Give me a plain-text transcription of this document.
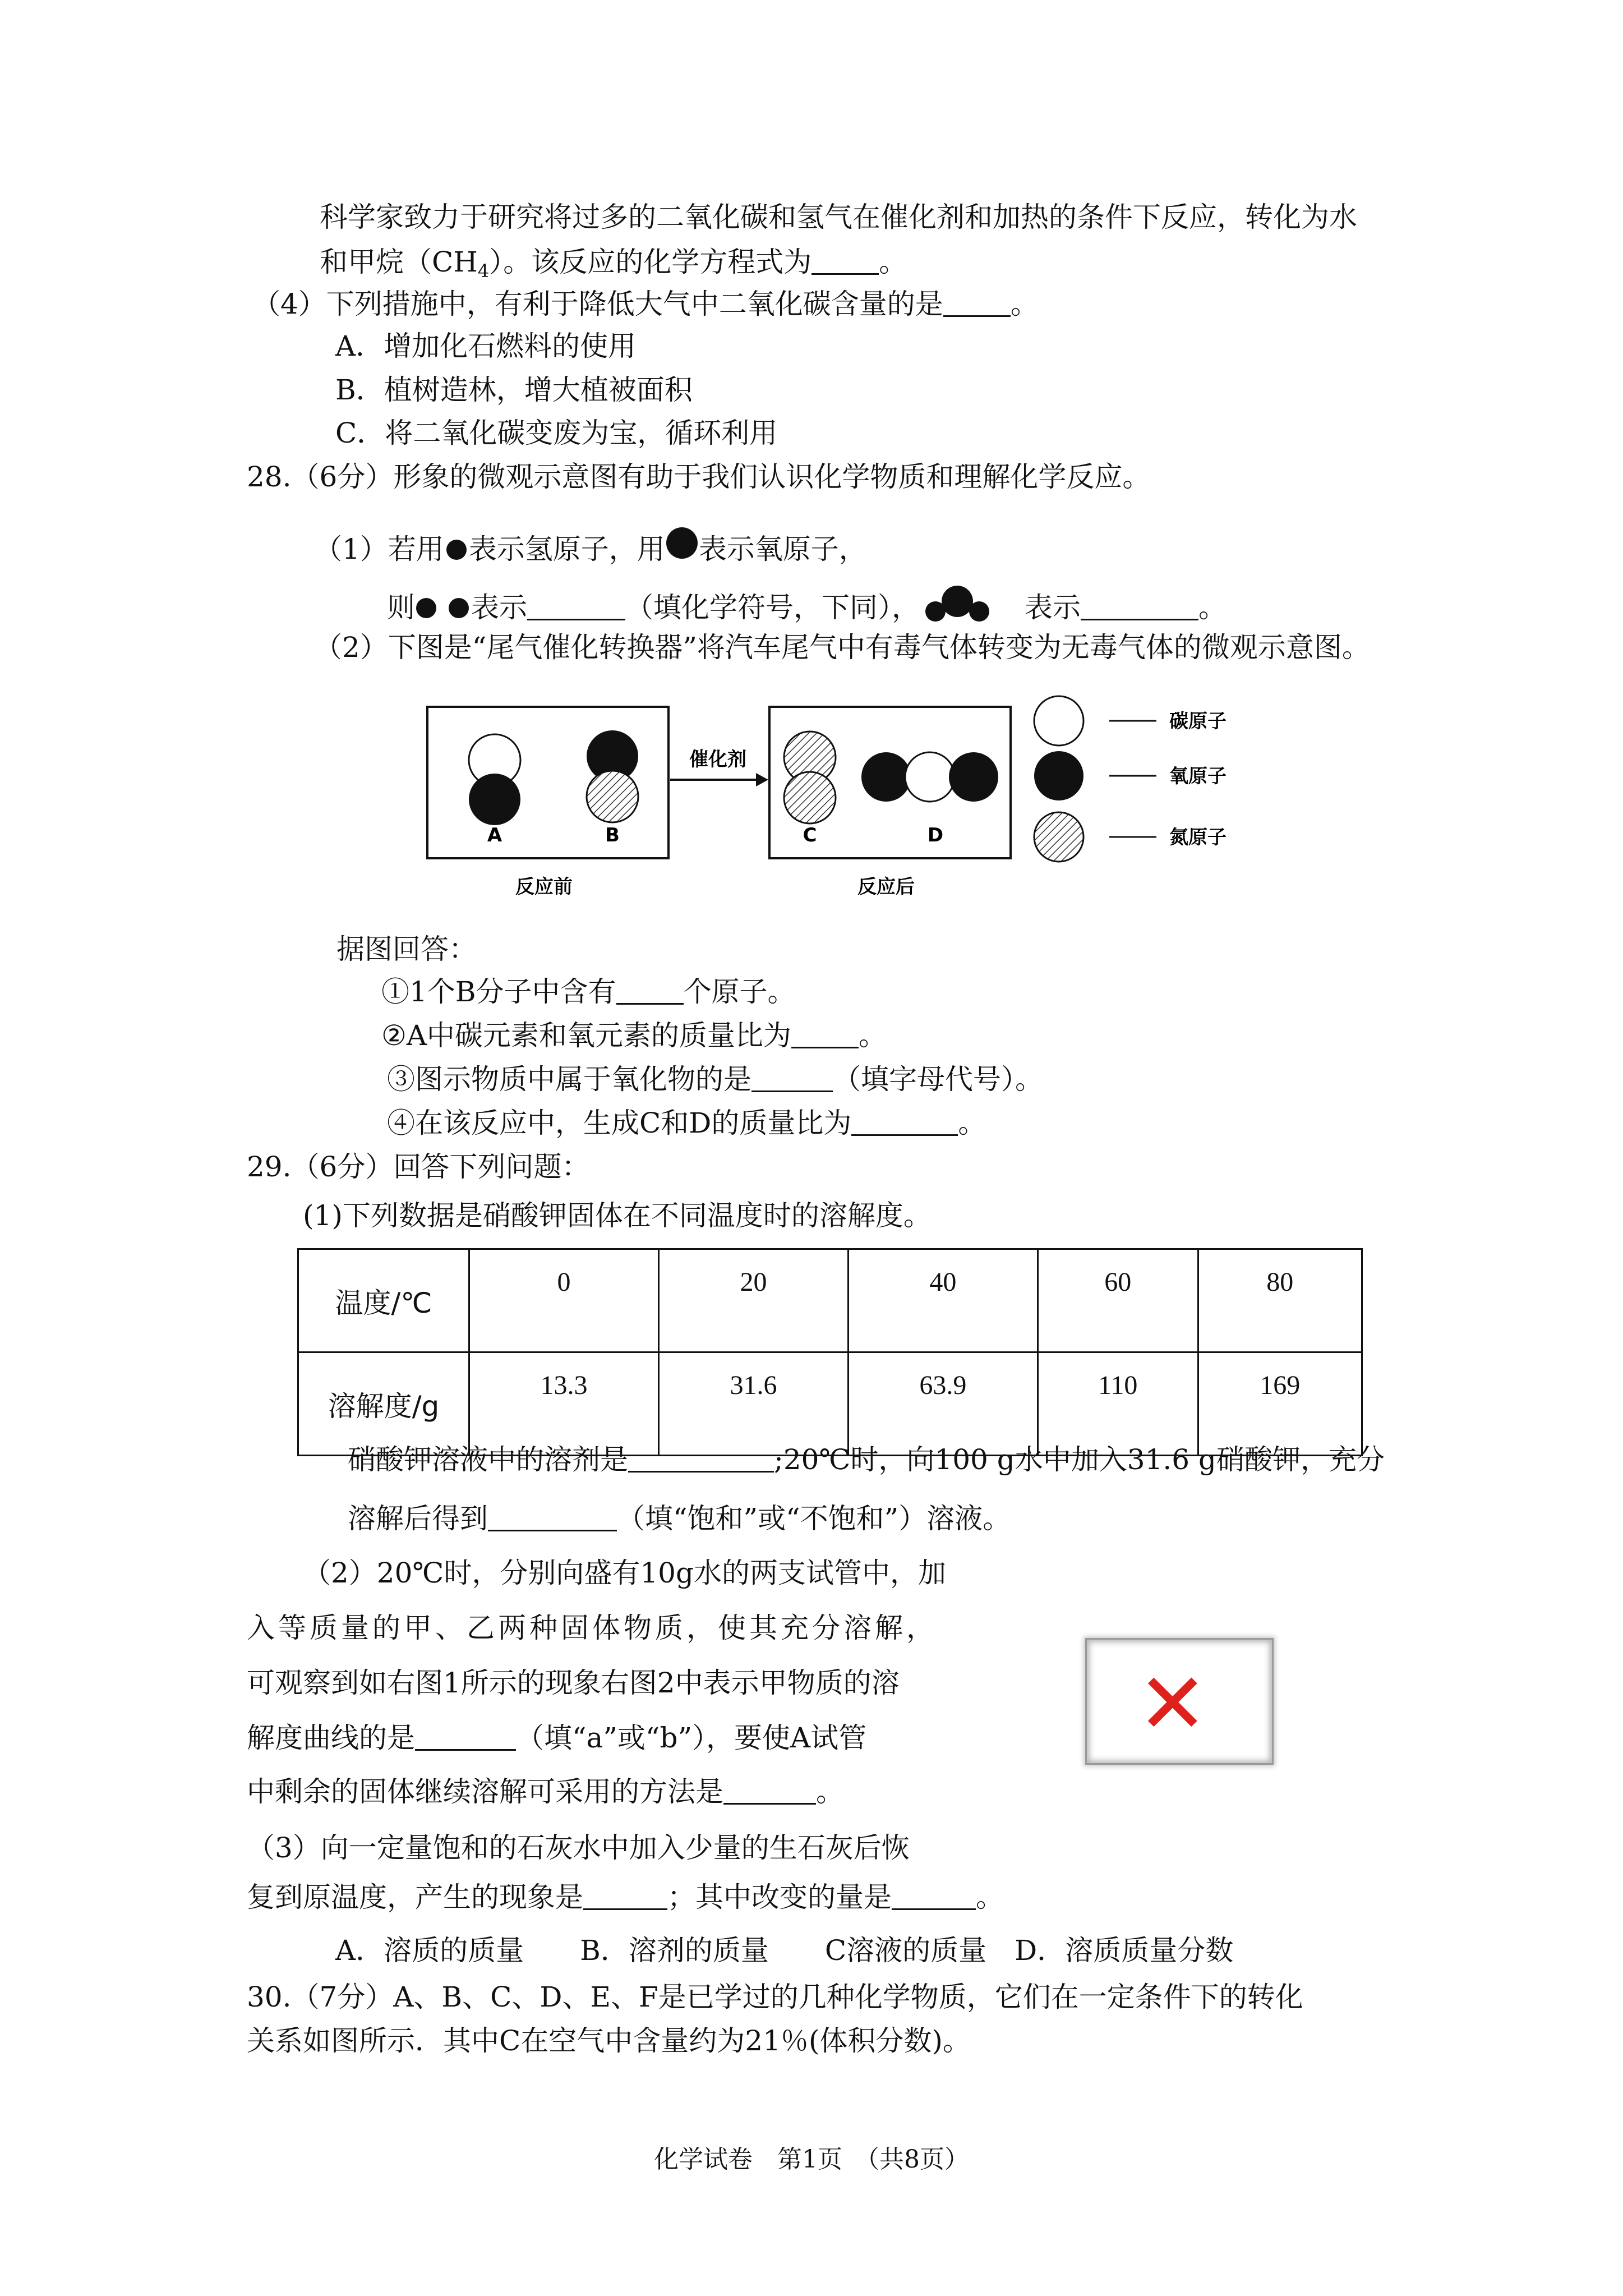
科学家致力于研究将过多的二氧化碳和氢气在催化剂和加热的条件下反应，转化为水
和甲烷$(CH_4)$。该反应的化学方程式为 。
（4）下列措施中，有利于降低大气中二氧化碳含量的是 。
A．增加化石燃料的使用
B．植树造林，增大植被面积
C．将二氧化碳变废为宝，循环利用
28.（6分）形象的微观示意图有助于我们认识化学物质和理解化学反应。
（1）若用 表示氢原子，用 表示氧原子，
则 表示	（填化学符号，下同），	表示	。
（2）下图是“尾气催化转换器”将汽车尾气中有毒气体转变为无毒气体的微观示意图。
A	B
催化剂
C	D
反应前	反应后
碳原子
氧原子
氮原子
据图回答：
①1个B分子中含有 个原子。
②A中碳元素和氧元素的质量比为 。
③图示物质中属于氧化物的是	（填字母代号）。
④在该反应中，生成C和D的质量比为	。
29.（6分）回答下列问题：
(1)下列数据是硝酸钾固体在不同温度时的溶解度。
温度/℃	0	20	40	60	80
溶解度/g	13.3	31.6	63.9	110	169
硝酸钾溶液中的溶剂是	;20℃时，向100 g水中加入31.6 g硝酸钾，充分
溶解后得到	（填“饱和”或“不饱和”）溶液。
（2）20℃时，分别向盛有10g水的两支试管中，加
入等质量的甲、乙两种固体物质，使其充分溶解，
可观察到如右图1所示的现象右图2中表示甲物质的溶
解度曲线的是	（填“a”或“b”），要使A试管
中剩余的固体继续溶解可采用的方法是	。
✕
（3）向一定量饱和的石灰水中加入少量的生石灰后恢
复到原温度，产生的现象是	；其中改变的量是	。
A．溶质的质量　　B．溶剂的质量　　C溶液的质量　D．溶质质量分数
30.（7分）A、B、C、D、E、F是已学过的几种化学物质，它们在一定条件下的转化
关系如图所示．其中C在空气中含量约为21％(体积分数)。
化学试卷　第1页　（共8页）
